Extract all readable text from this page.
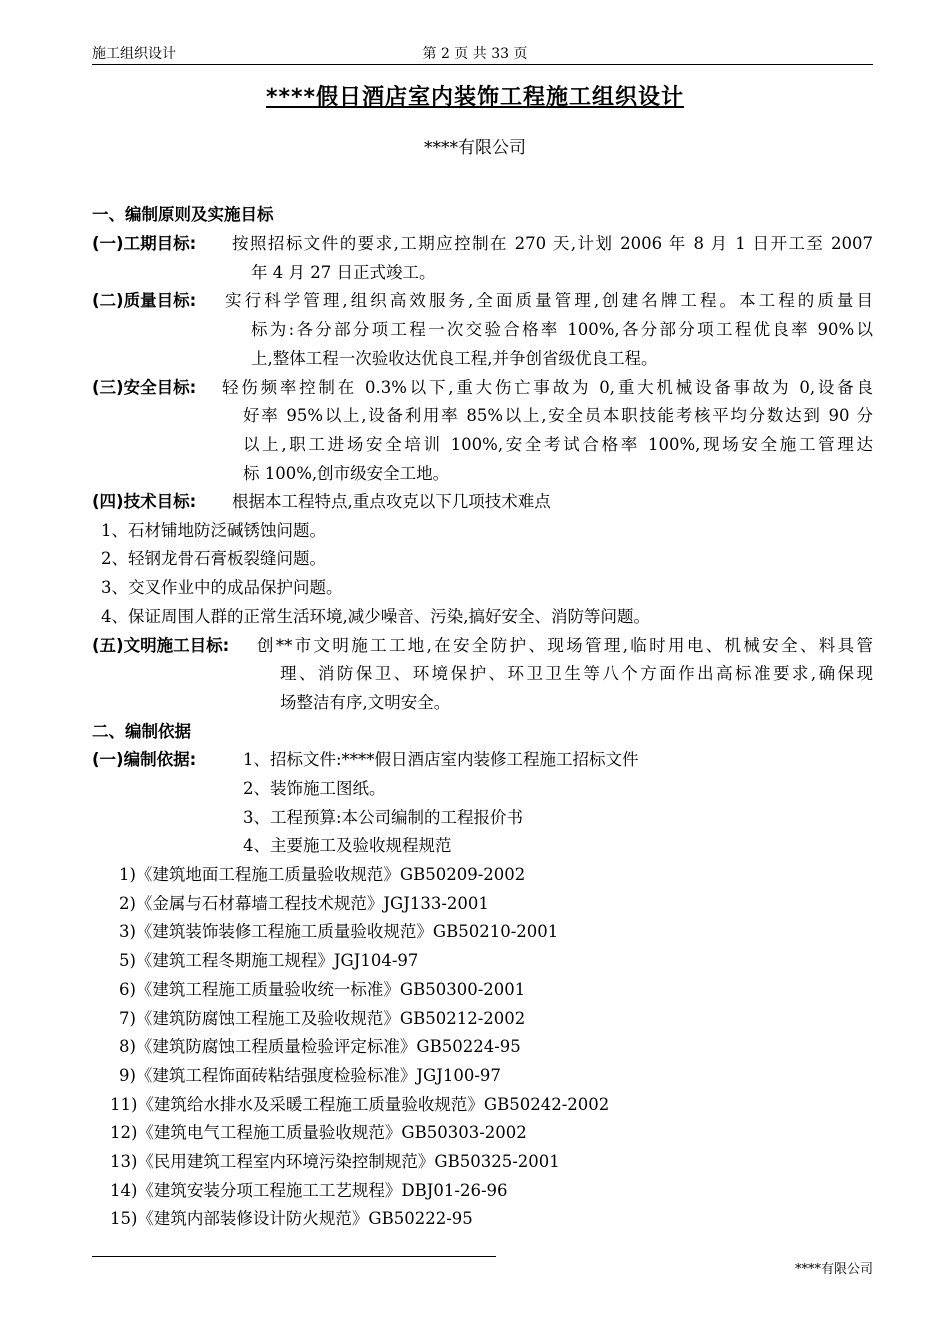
施工组织设计	第 2 页 共 33 页
****假日酒店室内装饰工程施工组织设计
****有限公司
一、编制原则及实施目标
(一)工期目标: 按照招标文件的要求,工期应控制在 270 天,计划 2006 年 8 月 1 日开工至 2007
年 4 月 27 日正式竣工。
(二)质量目标: 实行科学管理,组织高效服务,全面质量管理,创建名牌工程。本工程的质量目
标为:各分部分项工程一次交验合格率 100%,各分部分项工程优良率 90%以
上,整体工程一次验收达优良工程,并争创省级优良工程。
(三)安全目标: 轻伤频率控制在 0.3%以下,重大伤亡事故为 0,重大机械设备事故为 0,设备良
好率 95%以上,设备利用率 85%以上,安全员本职技能考核平均分数达到 90 分
以上,职工进场安全培训 100%,安全考试合格率 100%,现场安全施工管理达
标 100%,创市级安全工地。
(四)技术目标: 根据本工程特点,重点攻克以下几项技术难点
1、石材铺地防泛碱锈蚀问题。
2、轻钢龙骨石膏板裂缝问题。
3、交叉作业中的成品保护问题。
4、保证周围人群的正常生活环境,减少噪音、污染,搞好安全、消防等问题。
(五)文明施工目标: 创**市文明施工工地,在安全防护、现场管理,临时用电、机械安全、料具管
理、消防保卫、环境保护、环卫卫生等八个方面作出高标准要求,确保现
场整洁有序,文明安全。
二、编制依据
(一)编制依据:	1、招标文件:****假日酒店室内装修工程施工招标文件
2、装饰施工图纸。
3、工程预算:本公司编制的工程报价书
4、主要施工及验收规程规范
1)《建筑地面工程施工质量验收规范》GB50209-2002
2)《金属与石材幕墙工程技术规范》JGJ133-2001
3)《建筑装饰装修工程施工质量验收规范》GB50210-2001
5)《建筑工程冬期施工规程》JGJ104-97
6)《建筑工程施工质量验收统一标准》GB50300-2001
7)《建筑防腐蚀工程施工及验收规范》GB50212-2002
8)《建筑防腐蚀工程质量检验评定标准》GB50224-95
9)《建筑工程饰面砖粘结强度检验标准》JGJ100-97
11)《建筑给水排水及采暖工程施工质量验收规范》GB50242-2002
12)《建筑电气工程施工质量验收规范》GB50303-2002
13)《民用建筑工程室内环境污染控制规范》GB50325-2001
14)《建筑安装分项工程施工工艺规程》DBJ01-26-96
15)《建筑内部装修设计防火规范》GB50222-95
****有限公司
